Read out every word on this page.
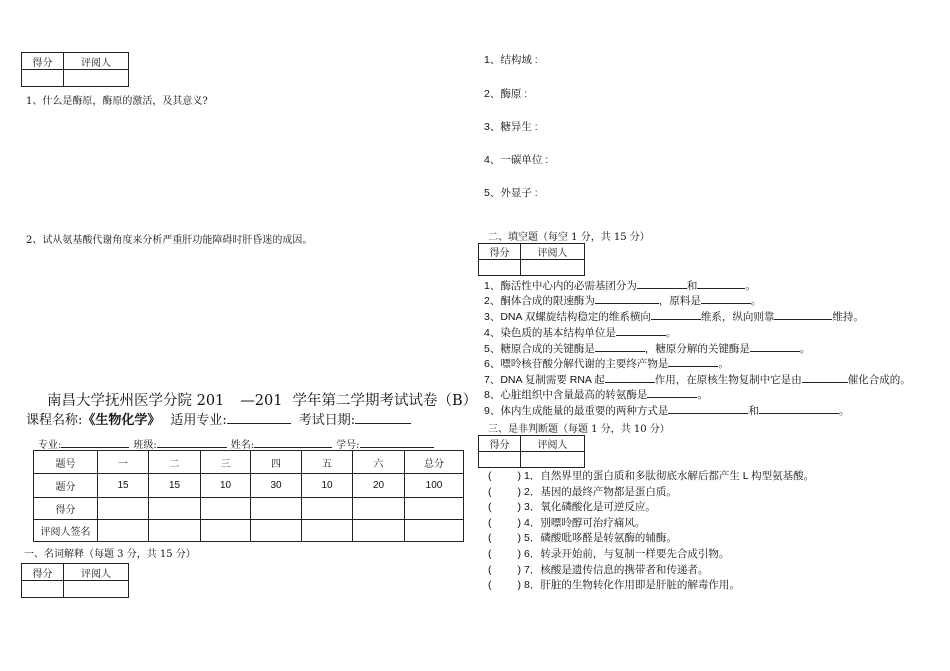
得分	评阅人

1、什么是酶原，酶原的激活，及其意义?
2、试从氨基酸代谢角度来分析严重肝功能障碍时肝昏迷的成因。
南昌大学抚州医学分院 201 —201 学年第二学期考试试卷（B）
课程名称:《生物化学》 适用专业:	考试日期:
专业:	班级:	姓名:	学号:
题号	一	二	三	四	五	六	总分
题分	15	15	10	30	10	20	100
得分							
评阅人签名							
一、名词解释（每题 3 分，共 15 分）
得分	评阅人

1、结构域 :
2、酶原 :
3、糖异生 :
4、一碳单位 :
5、外显子 :
二、填空题（每空 1 分，共 15 分）
得分	评阅人

1、酶活性中心内的必需基团分为	和	。
2、酮体合成的限速酶为	，原料是	。
3、DNA 双螺旋结构稳定的维系横向	维系，纵向则靠	维持。
4、染色质的基本结构单位是	。
5、糖原合成的关键酶是	，糖原分解的关键酶是	。
6、嘌呤核苷酸分解代谢的主要终产物是	。
7、DNA 复制需要 RNA 起	作用，在原核生物复制中它是由	催化合成的。
8、心脏组织中含量最高的转氨酶是	。
9、体内生成能量的最重要的两种方式是	和	。
三、是非判断题（每题 1 分，共 10 分）
得分	评阅人

( ) 1．自然界里的蛋白质和多肽彻底水解后都产生 L 构型氨基酸。
( ) 2．基因的最终产物都是蛋白质。
( ) 3．氧化磷酸化是可逆反应。
( ) 4．别嘌呤醇可治疗痛风。
( ) 5．磷酸吡哆醛是转氨酶的辅酶。
( ) 6．转录开始前，与复制一样要先合成引物。
( ) 7．核酸是遗传信息的携带者和传递者。
( ) 8．肝脏的生物转化作用即是肝脏的解毒作用。
